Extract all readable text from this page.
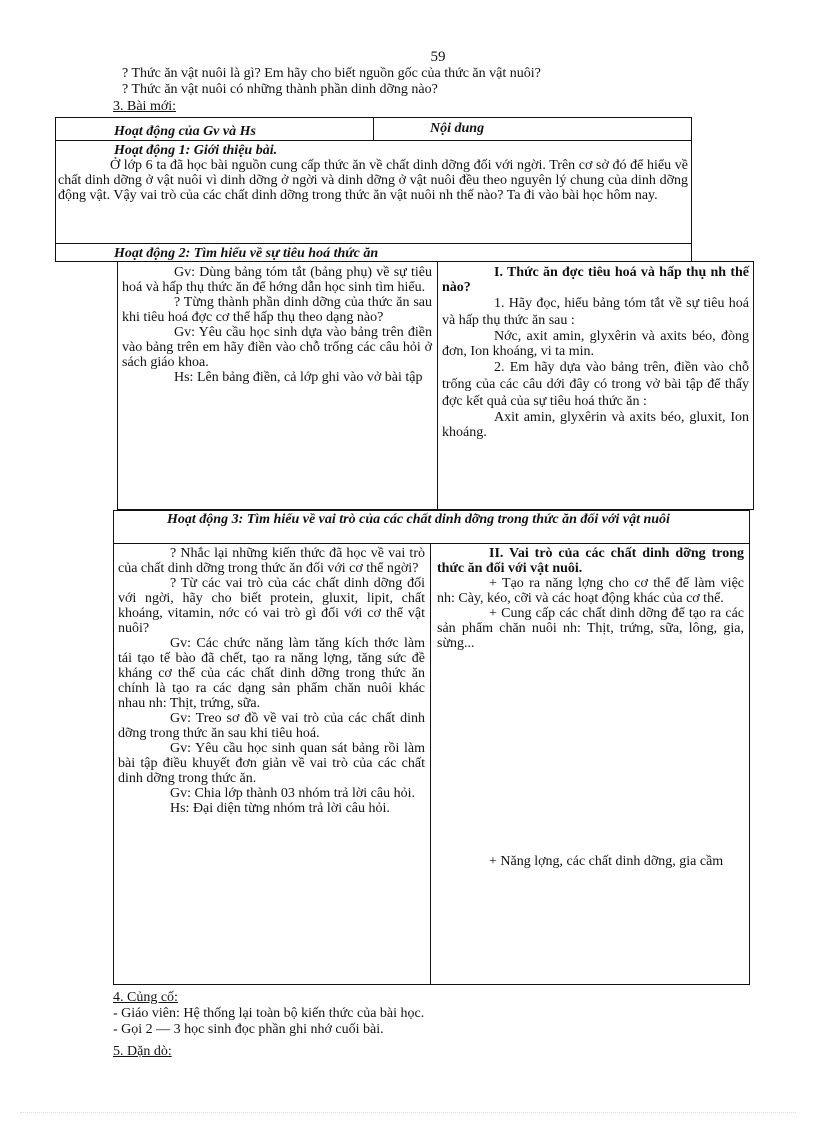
59
? Thức ăn vật nuôi là gì? Em hãy cho biết nguồn gốc của thức ăn vật nuôi?
? Thức ăn vật nuôi có những thành phần dinh dỡng nào?
3. Bài mới:
Hoạt động của Gv và Hs	Nội dung
Hoạt động 1: Giới thiệu bài.
Ở lớp 6 ta đã học bài nguồn cung cấp thức ăn về chất dinh dỡng đối với ngời. Trên cơ sở đó để hiểu về chất dinh dỡng ở vật nuôi vì dinh dỡng ở ngời và dinh dỡng ở vật nuôi đều theo nguyên lý chung của dinh dỡng động vật. Vậy vai trò của các chất dinh dỡng trong thức ăn vật nuôi nh thế nào? Ta đi vào bài học hôm nay.
Hoạt động 2: Tìm hiểu về sự tiêu hoá thức ăn

Gv: Dùng bảng tóm tắt (bảng phụ) về sự tiêu hoá và hấp thụ thức ăn để hớng dẫn học sinh tìm hiểu.

? Từng thành phần dinh dỡng của thức ăn sau khi tiêu hoá đợc cơ thể hấp thụ theo dạng nào?

Gv: Yêu cầu học sinh dựa vào bảng trên điền vào bảng trên em hãy điền vào chỗ trống các câu hỏi ở sách giáo khoa.

Hs: Lên bảng điền, cả lớp ghi vào vở bài tập

I. Thức ăn đợc tiêu hoá và hấp thụ nh thế nào?

1. Hãy đọc, hiểu bảng tóm tắt về sự tiêu hoá và hấp thụ thức ăn sau :

Nớc, axit amin, glyxêrin và axits béo, đòng đơn, Ion khoáng, vi ta min.

2. Em hãy dựa vào bảng trên, điền vào chỗ trống của các câu dới đây có trong vở bài tập để thấy đợc kết quả của sự tiêu hoá thức ăn :

Axit amin, glyxêrin và axits béo, gluxit, Ion khoáng.

Hoạt động 3: Tìm hiểu về vai trò của các chất dinh dỡng trong thức ăn đối với vật nuôi

? Nhắc lại những kiến thức đã học về vai trò của chất dinh dỡng trong thức ăn đối với cơ thể ngời?

? Từ các vai trò của các chất dinh dỡng đối với ngời, hãy cho biết protein, gluxit, lipit, chất khoáng, vitamin, nớc có vai trò gì đối với cơ thể vật nuôi?

Gv: Các chức năng làm tăng kích thớc làm tái tạo tế bào đã chết, tạo ra năng lợng, tăng sức đề kháng cơ thể của các chất dinh dỡng trong thức ăn chính là tạo ra các dạng sản phẩm chăn nuôi khác nhau nh: Thịt, trứng, sữa.

Gv: Treo sơ đồ về vai trò của các chất dinh dỡng trong thức ăn sau khi tiêu hoá.

Gv: Yêu cầu học sinh quan sát bảng rồi làm bài tập điều khuyết đơn giản về vai trò của các chất dinh dỡng trong thức ăn.

Gv: Chia lớp thành 03 nhóm trả lời câu hỏi.

Hs: Đại diện từng nhóm trả lời câu hỏi.

II. Vai trò của các chất dinh dỡng trong thức ăn đối với vật nuôi.

+ Tạo ra năng lợng cho cơ thể để làm việc nh: Cày, kéo, cỡi và các hoạt động khác của cơ thể.

+ Cung cấp các chất dinh dỡng để tạo ra các sản phẩm chăn nuôi nh: Thịt, trứng, sữa, lông, gia, sừng...

+ Năng lợng, các chất dinh dỡng, gia cầm
4. Củng cố:
- Giáo viên: Hệ thống lại toàn bộ kiến thức của bài học.
- Gọi 2 — 3 học sinh đọc phần ghi nhớ cuối bài.
5. Dặn dò:
